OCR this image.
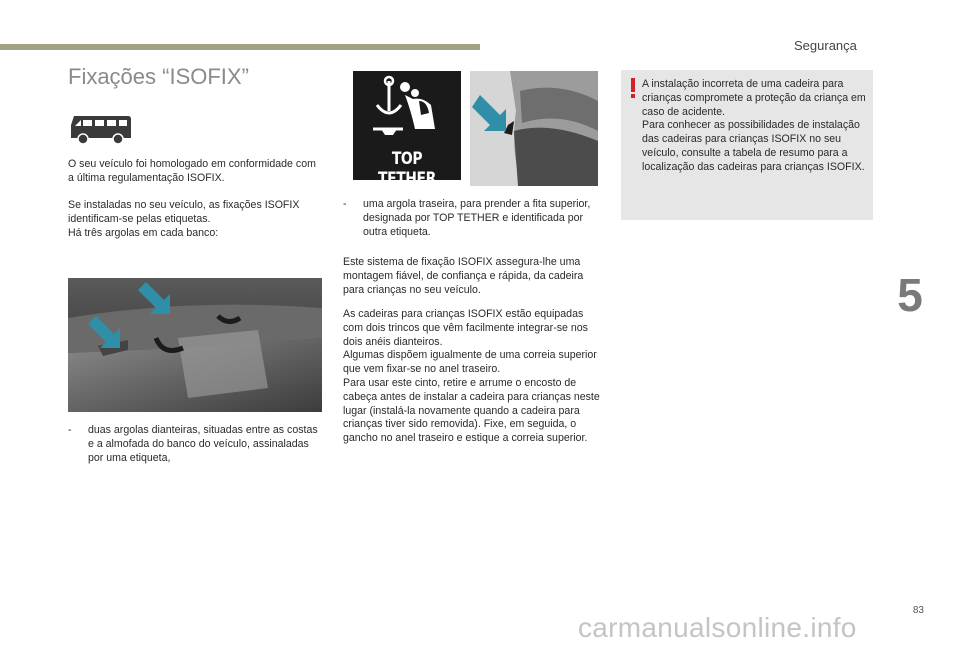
Segurança
Fixações “ISOFIX”

O seu veículo foi homologado em conformidade com a última regulamentação ISOFIX.

Se instaladas no seu veículo, as fixações ISOFIX identificam-se pelas etiquetas.

Há três argolas em cada banco:

-	duas argolas dianteiras, situadas entre as costas e a almofada do banco do veículo, assinaladas por uma etiqueta,
TOP TETHER
-	uma argola traseira, para prender a fita superior, designada por TOP TETHER e identificada por outra etiqueta.

Este sistema de fixação ISOFIX assegura-lhe uma montagem fiável, de confiança e rápida, da cadeira para crianças no seu veículo.

As cadeiras para crianças ISOFIX estão equipadas com dois trincos que vêm facilmente integrar-se nos dois anéis dianteiros.

Algumas dispõem igualmente de uma correia superior que vem fixar-se no anel traseiro.

Para usar este cinto, retire e arrume o encosto de cabeça antes de instalar a cadeira para crianças neste lugar (instalá-la novamente quando a cadeira para crianças tiver sido removida). Fixe, em seguida, o gancho no anel traseiro e estique a correia superior.

A instalação incorreta de uma cadeira para crianças compromete a proteção da criança em caso de acidente.

Para conhecer as possibilidades de instalação das cadeiras para crianças ISOFIX no seu veículo, consulte a tabela de resumo para a localização das cadeiras para crianças ISOFIX.

5
83
carmanualsonline.info
